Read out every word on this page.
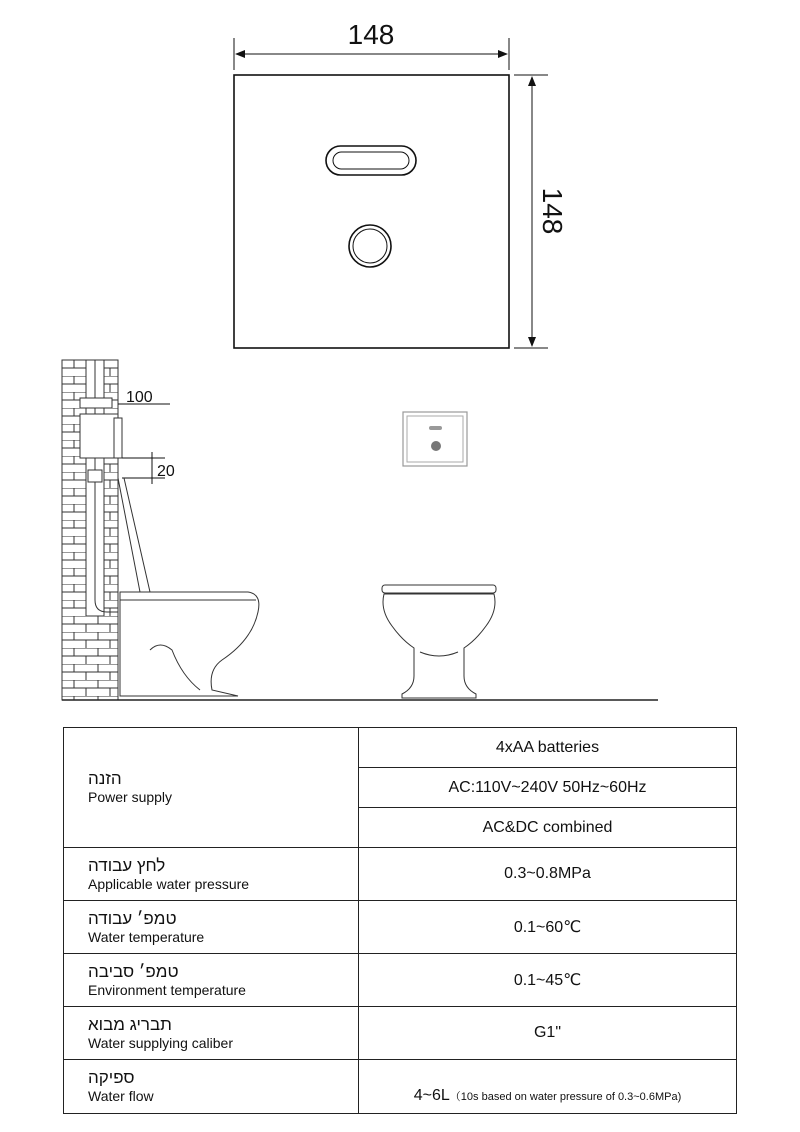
148
148
100
20
הזנה
Power supply	4xAA batteries
	AC:110V~240V 50Hz~60Hz
	AC&DC combined

לחץ עבודה
Applicable water pressure	0.3~0.8MPa

טמפ׳ עבודה
Water temperature	0.1~60℃

טמפ׳ סביבה
Environment temperature	0.1~45℃

תבריג מבוא
Water supplying caliber	G1"

ספיקה
Water flow	4~6L（10s based on water pressure of 0.3~0.6MPa)
